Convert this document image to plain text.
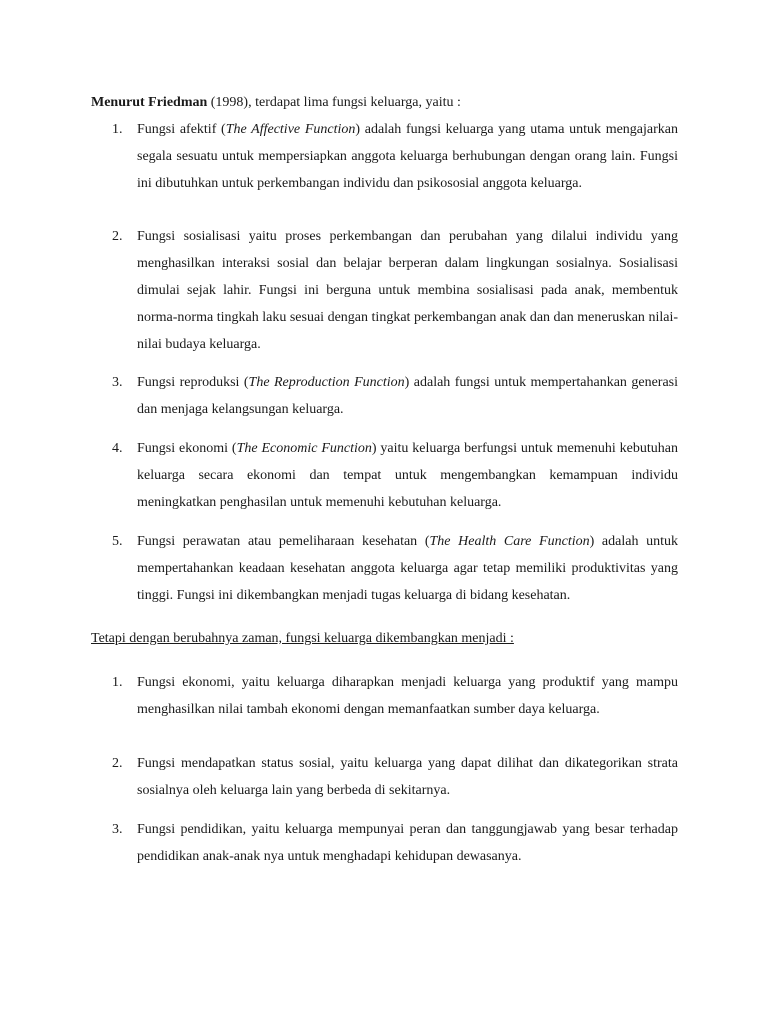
Menurut Friedman (1998), terdapat lima fungsi keluarga, yaitu :
1.	Fungsi afektif (The Affective Function) adalah fungsi keluarga yang utama untuk mengajarkan segala sesuatu untuk mempersiapkan anggota keluarga berhubungan dengan orang lain. Fungsi ini dibutuhkan untuk perkembangan individu dan psikososial anggota keluarga.
2.	Fungsi sosialisasi yaitu proses perkembangan dan perubahan yang dilalui individu yang menghasilkan interaksi sosial dan belajar berperan dalam lingkungan sosialnya. Sosialisasi dimulai sejak lahir. Fungsi ini berguna untuk membina sosialisasi pada anak, membentuk norma-norma tingkah laku sesuai dengan tingkat perkembangan anak dan dan meneruskan nilai-nilai budaya keluarga.
3.	Fungsi reproduksi (The Reproduction Function) adalah fungsi untuk mempertahankan generasi dan menjaga kelangsungan keluarga.
4.	Fungsi ekonomi (The Economic Function) yaitu keluarga berfungsi untuk memenuhi kebutuhan keluarga secara ekonomi dan tempat untuk mengembangkan kemampuan individu meningkatkan penghasilan untuk memenuhi kebutuhan keluarga.
5.	Fungsi perawatan atau pemeliharaan kesehatan (The Health Care Function) adalah untuk mempertahankan keadaan kesehatan anggota keluarga agar tetap memiliki produktivitas yang tinggi. Fungsi ini dikembangkan menjadi tugas keluarga di bidang kesehatan.
Tetapi dengan berubahnya zaman, fungsi keluarga dikembangkan menjadi :
1.	Fungsi ekonomi, yaitu keluarga diharapkan menjadi keluarga yang produktif yang mampu menghasilkan nilai tambah ekonomi dengan memanfaatkan sumber daya keluarga.
2.	Fungsi mendapatkan status sosial, yaitu keluarga yang dapat dilihat dan dikategorikan strata sosialnya oleh keluarga lain yang berbeda di sekitarnya.
3.	Fungsi pendidikan, yaitu keluarga mempunyai peran dan tanggungjawab yang besar terhadap pendidikan anak-anak nya untuk menghadapi kehidupan dewasanya.
